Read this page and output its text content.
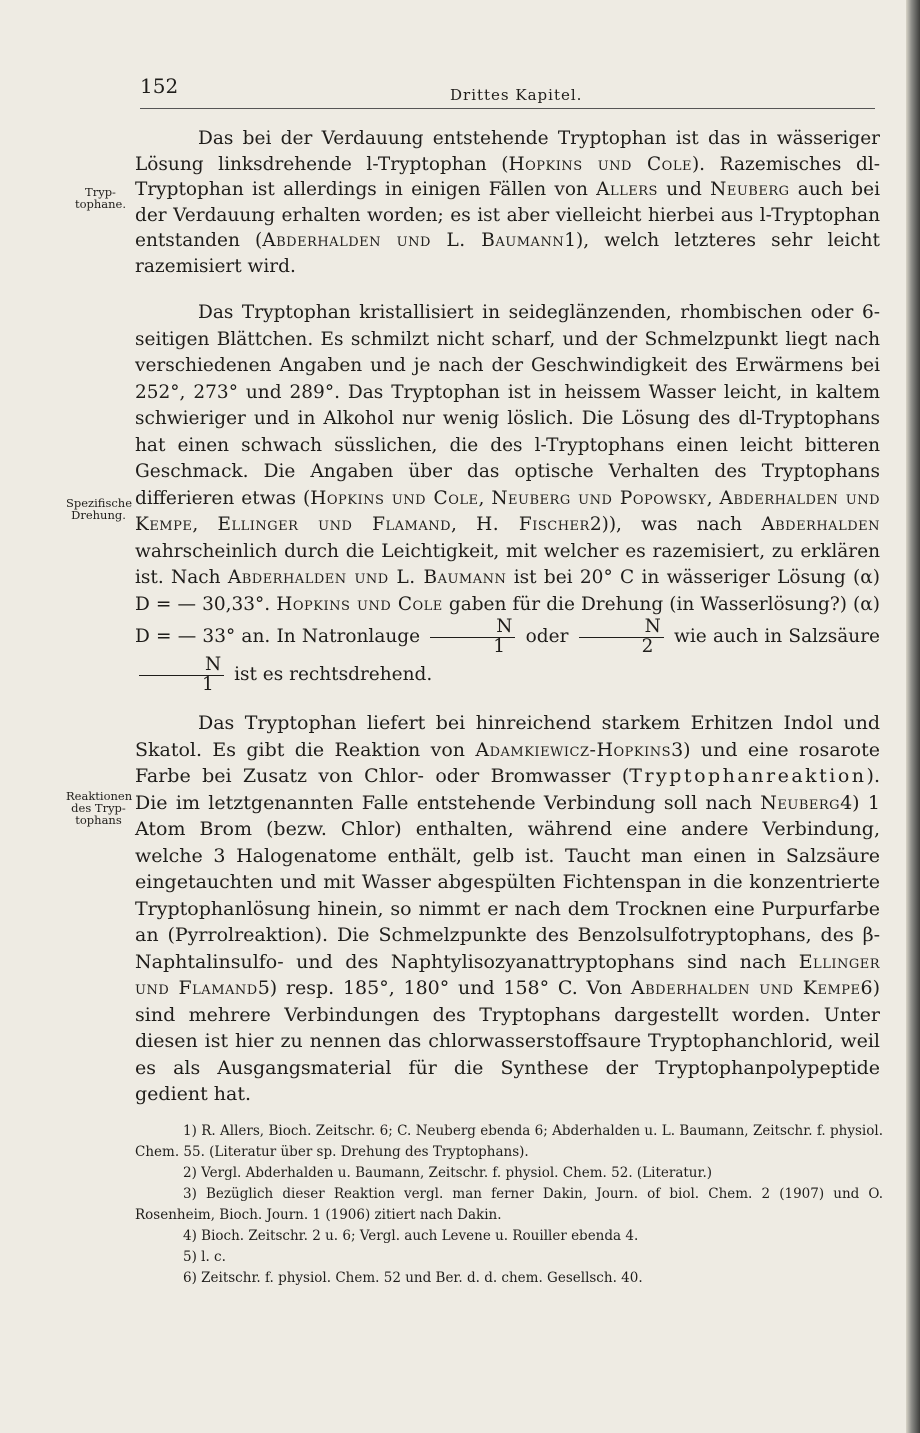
152	Drittes Kapitel.
Tryp-tophane.
Spezifische Drehung.
Reaktionen des Tryp-tophans

Das bei der Verdauung entstehende Tryptophan ist das in wässeriger Lösung linksdrehende l-Tryptophan (Hopkins und Cole). Razemisches dl-Tryptophan ist allerdings in einigen Fällen von Allers und Neuberg auch bei der Verdauung erhalten worden; es ist aber vielleicht hierbei aus l-Tryptophan entstanden (Abderhalden und L. Baumann1), welch letzteres sehr leicht razemisiert wird.

Das Tryptophan kristallisiert in seideglänzenden, rhombischen oder 6-seitigen Blättchen. Es schmilzt nicht scharf, und der Schmelzpunkt liegt nach verschiedenen Angaben und je nach der Geschwindigkeit des Erwärmens bei 252°, 273° und 289°. Das Tryptophan ist in heissem Wasser leicht, in kaltem schwieriger und in Alkohol nur wenig löslich. Die Lösung des dl-Tryptophans hat einen schwach süsslichen, die des l-Tryptophans einen leicht bitteren Geschmack. Die Angaben über das optische Verhalten des Tryptophans differieren etwas (Hopkins und Cole, Neuberg und Popowsky, Abderhalden und Kempe, Ellinger und Flamand, H. Fischer2)), was nach Abderhalden wahrscheinlich durch die Leichtigkeit, mit welcher es razemisiert, zu erklären ist. Nach Abderhalden und L. Baumann ist bei 20° C in wässeriger Lösung (α) D = — 30,33°. Hopkins und Cole gaben für die Drehung (in Wasserlösung?) (α) D = — 33° an. In Natronlauge $\frac{N}{1}$ oder $\frac{N}{2}$ wie auch in Salzsäure
$\frac{N}{1}$ ist es rechtsdrehend.

Das Tryptophan liefert bei hinreichend starkem Erhitzen Indol und Skatol. Es gibt die Reaktion von Adamkiewicz-Hopkins3) und eine rosarote Farbe bei Zusatz von Chlor- oder Bromwasser (Tryptophanreaktion). Die im letztgenannten Falle entstehende Verbindung soll nach Neuberg4) 1 Atom Brom (bezw. Chlor) enthalten, während eine andere Verbindung, welche 3 Halogenatome enthält, gelb ist. Taucht man einen in Salzsäure eingetauchten und mit Wasser abgespülten Fichtenspan in die konzentrierte Tryptophanlösung hinein, so nimmt er nach dem Trocknen eine Purpurfarbe an (Pyrrolreaktion). Die Schmelzpunkte des Benzolsulfotryptophans, des β-Naphtalinsulfo- und des Naphtylisozyanattryptophans sind nach Ellinger und Flamand5) resp. 185°, 180° und 158° C. Von Abderhalden und Kempe6) sind mehrere Verbindungen des Tryptophans dargestellt worden. Unter diesen ist hier zu nennen das chlorwasserstoffsaure Tryptophanchlorid, weil es als Ausgangsmaterial für die Synthese der Tryptophanpolypeptide gedient hat.

1) R. Allers, Bioch. Zeitschr. 6; C. Neuberg ebenda 6; Abderhalden u. L. Baumann, Zeitschr. f. physiol. Chem. 55. (Literatur über sp. Drehung des Tryptophans).

2) Vergl. Abderhalden u. Baumann, Zeitschr. f. physiol. Chem. 52. (Literatur.)

3) Bezüglich dieser Reaktion vergl. man ferner Dakin, Journ. of biol. Chem. 2 (1907) und O. Rosenheim, Bioch. Journ. 1 (1906) zitiert nach Dakin.

4) Bioch. Zeitschr. 2 u. 6; Vergl. auch Levene u. Rouiller ebenda 4.

5) l. c.

6) Zeitschr. f. physiol. Chem. 52 und Ber. d. d. chem. Gesellsch. 40.
